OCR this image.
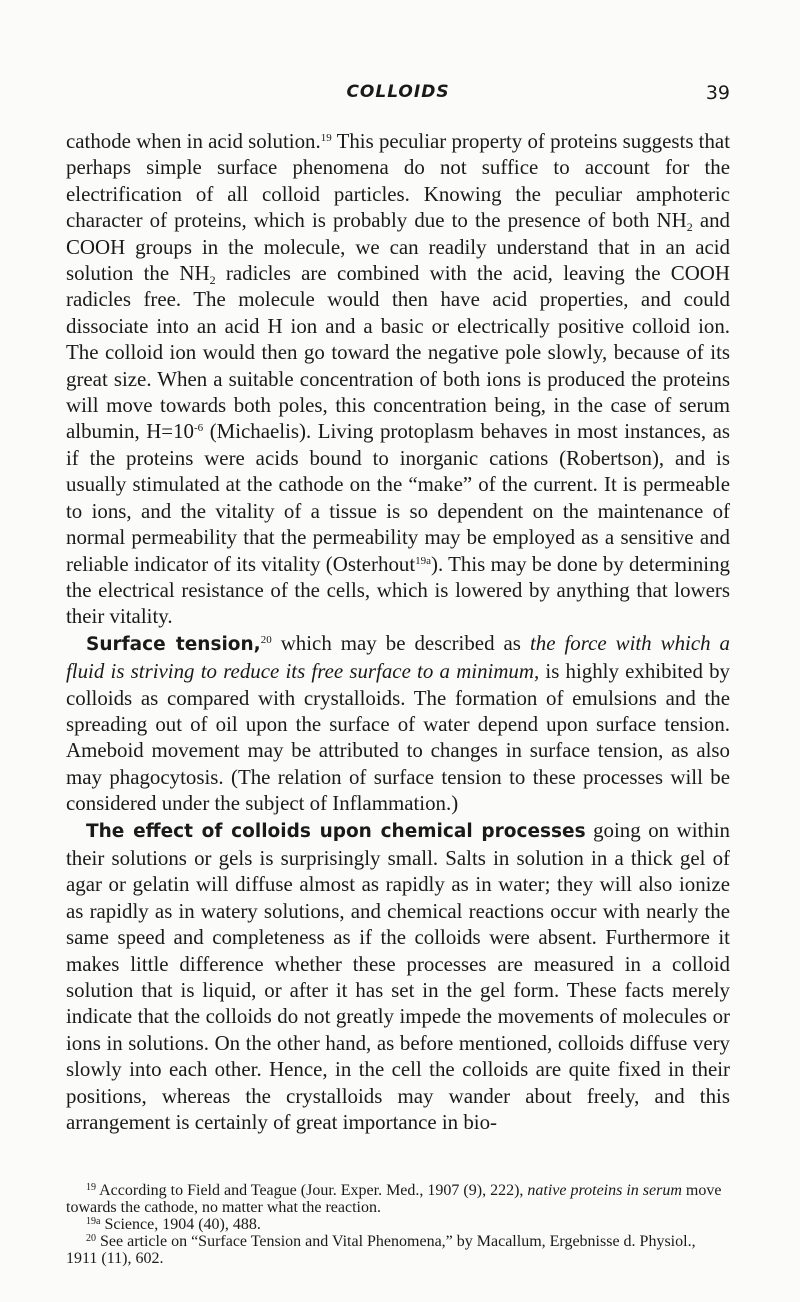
COLLOIDS	39

cathode when in acid solution.$^{19}$ This peculiar property of proteins suggests that perhaps simple surface phenomena do not suffice to account for the electrification of all colloid particles. Knowing the peculiar amphoteric character of proteins, which is probably due to the presence of both $NH_2$ and COOH groups in the molecule, we can readily understand that in an acid solution the $NH_2$ radicles are combined with the acid, leaving the COOH radicles free. The molecule would then have acid properties, and could dissociate into an acid H ion and a basic or electrically positive colloid ion. The colloid ion would then go toward the negative pole slowly, because of its great size. When a suitable concentration of both ions is produced the proteins will move towards both poles, this concentration being, in the case of serum albumin, $H=10^{-6}$ (Michaelis). Living protoplasm behaves in most instances, as if the proteins were acids bound to inorganic cations (Robertson), and is usually stimulated at the cathode on the “make” of the current. It is permeable to ions, and the vitality of a tissue is so dependent on the maintenance of normal permeability that the permeability may be employed as a sensitive and reliable indicator of its vitality (Osterhout$^{19a}$). This may be done by determining the electrical resistance of the cells, which is lowered by anything that lowers their vitality.

Surface tension,$^{20}$ which may be described as the force with which a fluid is striving to reduce its free surface to a minimum, is highly exhibited by colloids as compared with crystalloids. The formation of emulsions and the spreading out of oil upon the surface of water depend upon surface tension. Ameboid movement may be attributed to changes in surface tension, as also may phagocytosis. (The relation of surface tension to these processes will be considered under the subject of Inflammation.)

The effect of colloids upon chemical processes going on within their solutions or gels is surprisingly small. Salts in solution in a thick gel of agar or gelatin will diffuse almost as rapidly as in water; they will also ionize as rapidly as in watery solutions, and chemical reactions occur with nearly the same speed and completeness as if the colloids were absent. Furthermore it makes little difference whether these processes are measured in a colloid solution that is liquid, or after it has set in the gel form. These facts merely indicate that the colloids do not greatly impede the movements of molecules or ions in solutions. On the other hand, as before mentioned, colloids diffuse very slowly into each other. Hence, in the cell the colloids are quite fixed in their positions, whereas the crystalloids may wander about freely, and this arrangement is certainly of great importance in bio-

$^{19}$ According to Field and Teague (Jour. Exper. Med., 1907 (9), 222), native proteins in serum move towards the cathode, no matter what the reaction.

$^{19a}$ Science, 1904 (40), 488.

$^{20}$ See article on “Surface Tension and Vital Phenomena,” by Macallum, Ergebnisse d. Physiol., 1911 (11), 602.
